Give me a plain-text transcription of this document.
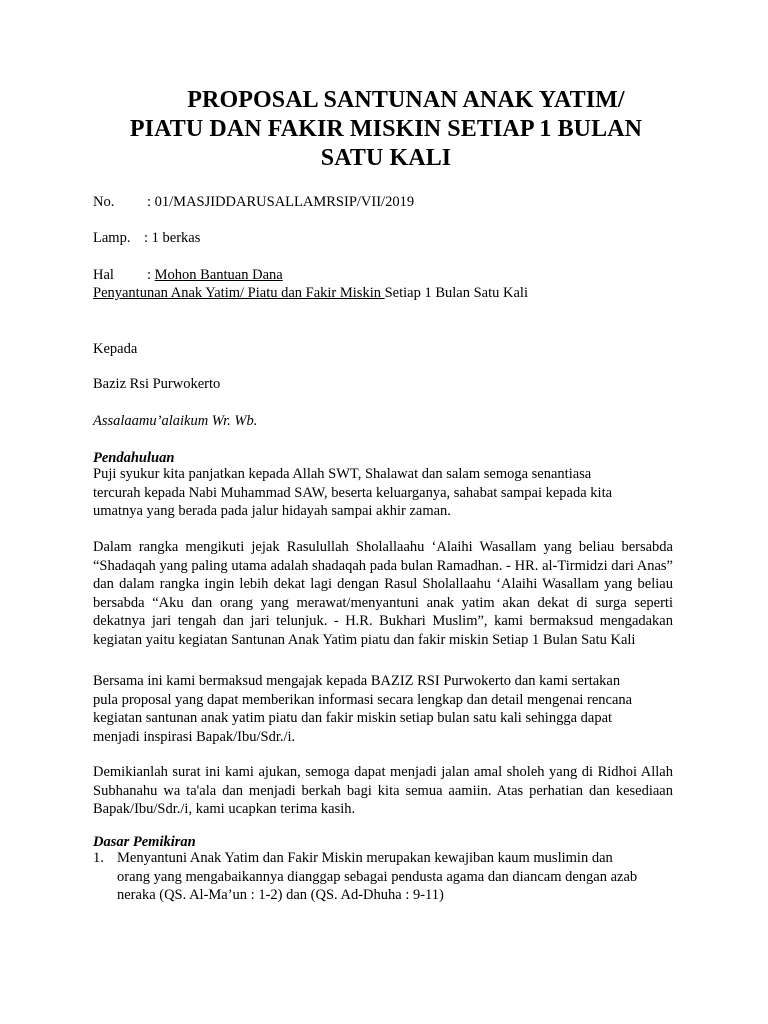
PROPOSAL SANTUNAN ANAK YATIM/
PIATU DAN FAKIR MISKIN SETIAP 1 BULAN
SATU KALI
No. : 01/MASJIDDARUSALLAMRSIP/VII/2019
Lamp. : 1 berkas
Hal : Mohon Bantuan Dana
Penyantunan Anak Yatim/ Piatu dan Fakir Miskin Setiap 1 Bulan Satu Kali
Kepada
Baziz Rsi Purwokerto
Assalaamu’alaikum Wr. Wb.
Pendahuluan
Puji syukur kita panjatkan kepada Allah SWT, Shalawat dan salam semoga senantiasa
tercurah kepada Nabi Muhammad SAW, beserta keluarganya, sahabat sampai kepada kita
umatnya yang berada pada jalur hidayah sampai akhir zaman.
Dalam rangka mengikuti jejak Rasulullah Sholallaahu ‘Alaihi Wasallam yang beliau bersabda “Shadaqah yang paling utama adalah shadaqah pada bulan Ramadhan. - HR. al-Tirmidzi dari Anas” dan dalam rangka ingin lebih dekat lagi dengan Rasul Sholallaahu ‘Alaihi Wasallam yang beliau bersabda “Aku dan orang yang merawat/menyantuni anak yatim akan dekat di surga seperti dekatnya jari tengah dan jari telunjuk. - H.R. Bukhari Muslim”, kami bermaksud mengadakan kegiatan yaitu kegiatan Santunan Anak Yatim piatu dan fakir miskin Setiap 1 Bulan Satu Kali
Bersama ini kami bermaksud mengajak kepada BAZIZ RSI Purwokerto dan kami sertakan
pula proposal yang dapat memberikan informasi secara lengkap dan detail mengenai rencana
kegiatan santunan anak yatim piatu dan fakir miskin setiap bulan satu kali sehingga dapat
menjadi inspirasi Bapak/Ibu/Sdr./i.
Demikianlah surat ini kami ajukan, semoga dapat menjadi jalan amal sholeh yang di Ridhoi Allah Subhanahu wa ta'ala dan menjadi berkah bagi kita semua aamiin. Atas perhatian dan kesediaan Bapak/Ibu/Sdr./i, kami ucapkan terima kasih.
Dasar Pemikiran
1. Menyantuni Anak Yatim dan Fakir Miskin merupakan kewajiban kaum muslimin dan
orang yang mengabaikannya dianggap sebagai pendusta agama dan diancam dengan azab
neraka (QS. Al-Ma’un : 1-2) dan (QS. Ad-Dhuha : 9-11)
